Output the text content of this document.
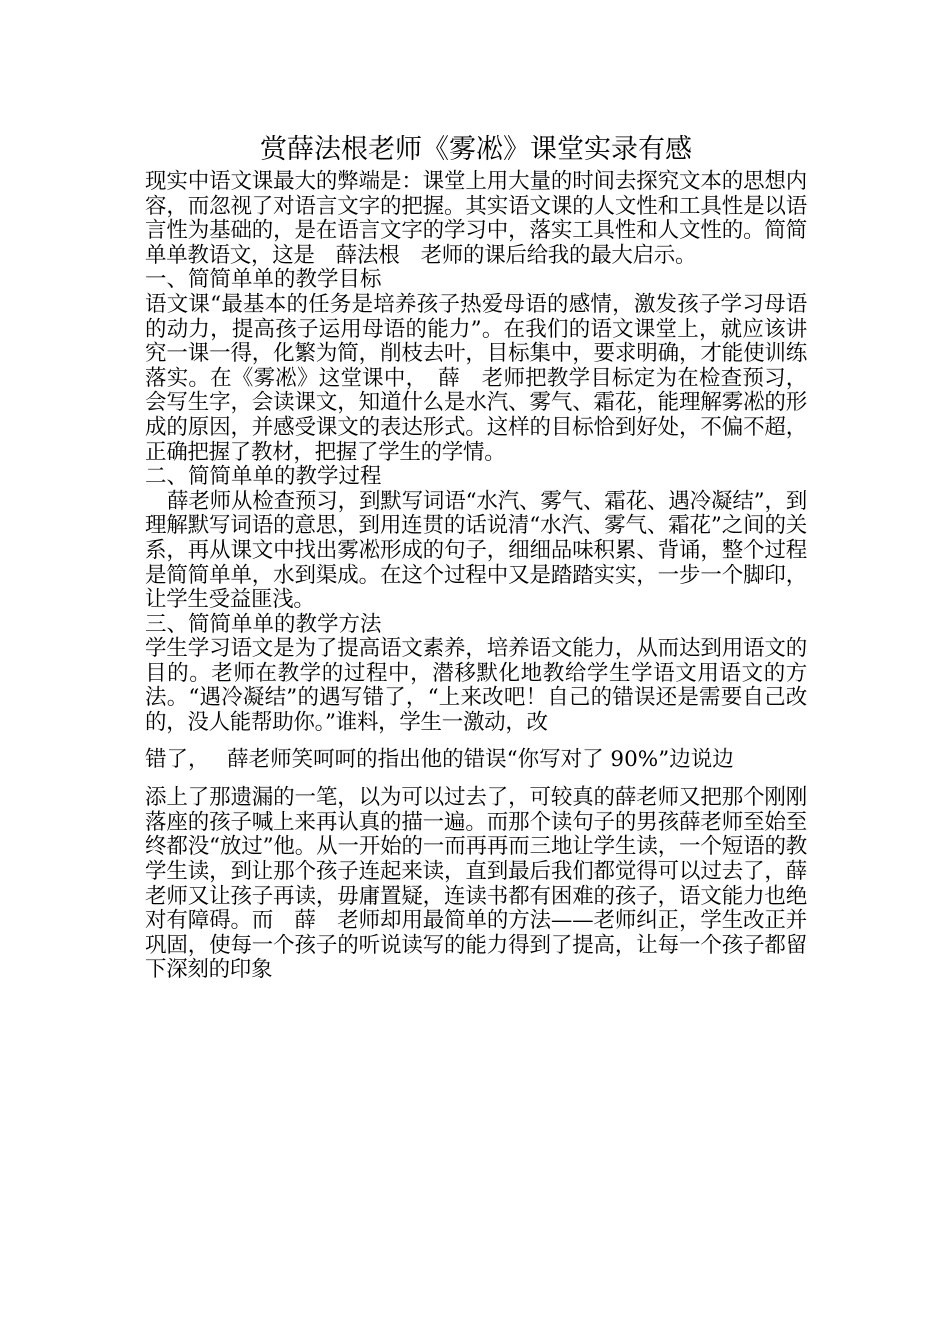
赏薛法根老师《雾凇》课堂实录有感

现实中语文课最大的弊端是：课堂上用大量的时间去探究文本的思想内容，而忽视了对语言文字的把握。其实语文课的人文性和工具性是以语言性为基础的，是在语言文字的学习中，落实工具性和人文性的。简简单单教语文，这是　薛法根　老师的课后给我的最大启示。

一、简简单单的教学目标

语文课“最基本的任务是培养孩子热爱母语的感情，激发孩子学习母语的动力，提高孩子运用母语的能力”。在我们的语文课堂上，就应该讲究一课一得，化繁为简，削枝去叶，目标集中，要求明确，才能使训练落实。在《雾凇》这堂课中，　薛　老师把教学目标定为在检查预习，会写生字，会读课文，知道什么是水汽、雾气、霜花，能理解雾凇的形成的原因，并感受课文的表达形式。这样的目标恰到好处，不偏不超，正确把握了教材，把握了学生的学情。

二、简简单单的教学过程

薛老师从检查预习，到默写词语“水汽、雾气、霜花、遇冷凝结”，到理解默写词语的意思，到用连贯的话说清“水汽、雾气、霜花”之间的关系，再从课文中找出雾凇形成的句子，细细品味积累、背诵，整个过程是简简单单，水到渠成。在这个过程中又是踏踏实实，一步一个脚印，让学生受益匪浅。

三、简简单单的教学方法

学生学习语文是为了提高语文素养，培养语文能力，从而达到用语文的目的。老师在教学的过程中，潜移默化地教给学生学语文用语文的方法。“遇冷凝结”的遇写错了，“上来改吧！自己的错误还是需要自己改的，没人能帮助你。”谁料，学生一激动，改

错了，　 薛老师笑呵呵的指出他的错误“你写对了 90%”边说边

添上了那遗漏的一笔，以为可以过去了，可较真的薛老师又把那个刚刚落座的孩子喊上来再认真的描一遍。而那个读句子的男孩薛老师至始至终都没“放过”他。从一开始的一而再再而三地让学生读，一个短语的教学生读，到让那个孩子连起来读，直到最后我们都觉得可以过去了，薛老师又让孩子再读，毋庸置疑，连读书都有困难的孩子，语文能力也绝对有障碍。而　薛　老师却用最简单的方法——老师纠正，学生改正并巩固，使每一个孩子的听说读写的能力得到了提高，让每一个孩子都留下深刻的印象
